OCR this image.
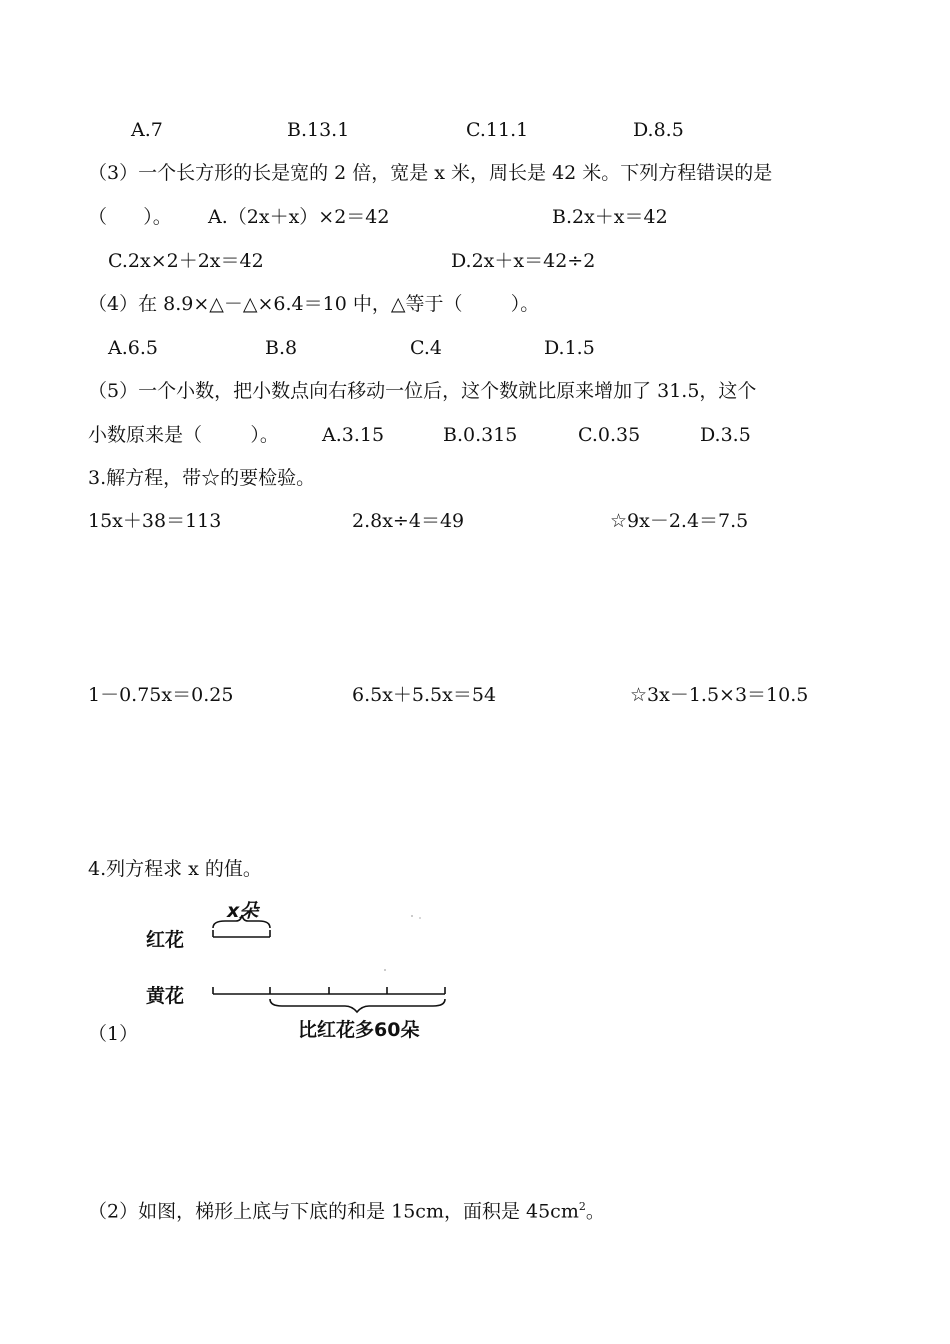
A.7	B.13.1	C.11.1	D.8.5
（3）一个长方形的长是宽的 2 倍，宽是 x 米，周长是 42 米。下列方程错误的是
（      ）。 A.（2x＋x）×2＝42	B.2x＋x＝42
C.2x×2＋2x＝42	D.2x＋x＝42÷2
（4）在 8.9×△－△×6.4＝10 中，△等于（        ）。
A.6.5	B.8	C.4	D.1.5
（5）一个小数，把小数点向右移动一位后，这个数就比原来增加了 31.5，这个
小数原来是（        ）。 A.3.15	B.0.315	C.0.35	D.3.5
3.解方程，带☆的要检验。
15x＋38＝113	2.8x÷4＝49	☆9x－2.4＝7.5
1－0.75x＝0.25	6.5x＋5.5x＝54	☆3x－1.5×3＝10.5
4.列方程求 x 的值。
x朵
红花
黄花
比红花多60朵
（1）
（2）如图，梯形上底与下底的和是 15cm，面积是 $45cm^2$。
